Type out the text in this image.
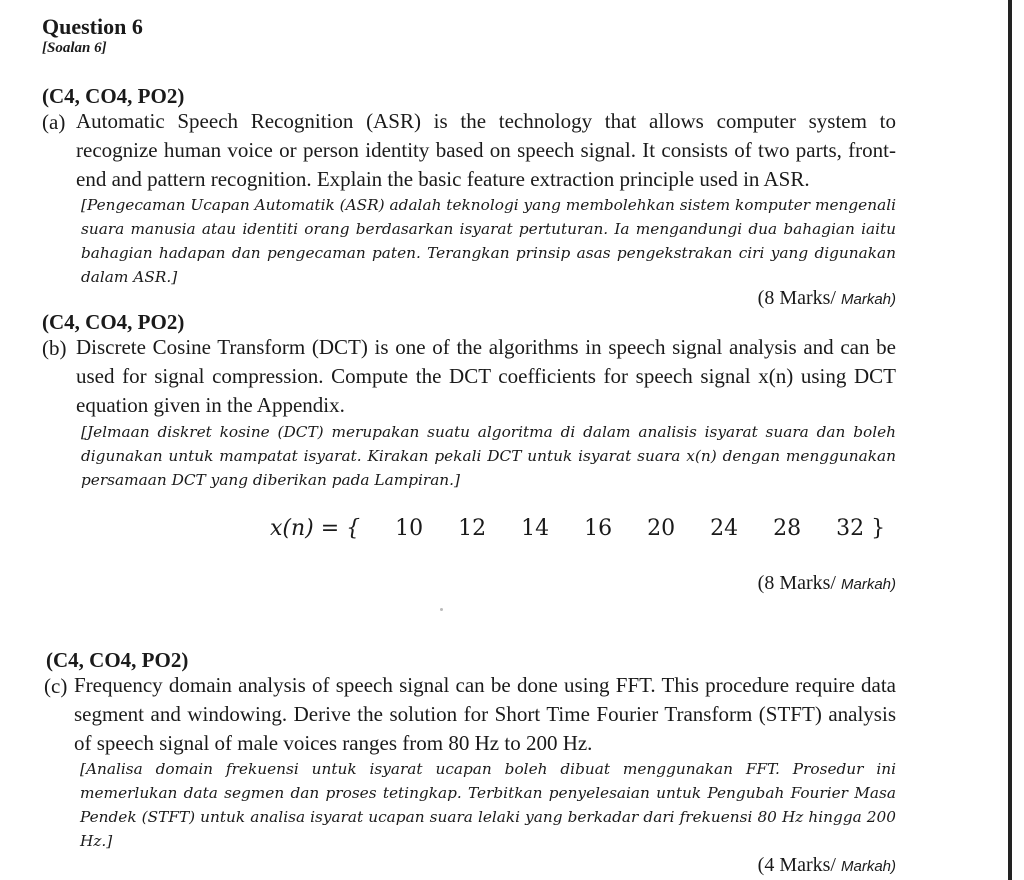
Question 6
[Soalan 6]
(C4, CO4, PO2)
(a) Automatic Speech Recognition (ASR) is the technology that allows computer system to recognize human voice or person identity based on speech signal. It consists of two parts, front-end and pattern recognition. Explain the basic feature extraction principle used in ASR.
[Pengecaman Ucapan Automatik (ASR) adalah teknologi yang membolehkan sistem komputer mengenali suara manusia atau identiti orang berdasarkan isyarat pertuturan. Ia mengandungi dua bahagian iaitu bahagian hadapan dan pengecaman paten. Terangkan prinsip asas pengekstrakan ciri yang digunakan dalam ASR.]
(8 Marks/ Markah)
(C4, CO4, PO2)
(b) Discrete Cosine Transform (DCT) is one of the algorithms in speech signal analysis and can be used for signal compression. Compute the DCT coefficients for speech signal x(n) using DCT equation given in the Appendix.
[Jelmaan diskret kosine (DCT) merupakan suatu algoritma di dalam analisis isyarat suara dan boleh digunakan untuk mampatat isyarat. Kirakan pekali DCT untuk isyarat suara x(n) dengan menggunakan persamaan DCT yang diberikan pada Lampiran.]
x(n) = { 10 12 14 16 20 24 28 32 }
(8 Marks/ Markah)
(C4, CO4, PO2)
(c) Frequency domain analysis of speech signal can be done using FFT. This procedure require data segment and windowing. Derive the solution for Short Time Fourier Transform (STFT) analysis of speech signal of male voices ranges from 80 Hz to 200 Hz.
[Analisa domain frekuensi untuk isyarat ucapan boleh dibuat menggunakan FFT. Prosedur ini memerlukan data segmen dan proses tetingkap. Terbitkan penyelesaian untuk Pengubah Fourier Masa Pendek (STFT) untuk analisa isyarat ucapan suara lelaki yang berkadar dari frekuensi 80 Hz hingga 200 Hz.]
(4 Marks/ Markah)
